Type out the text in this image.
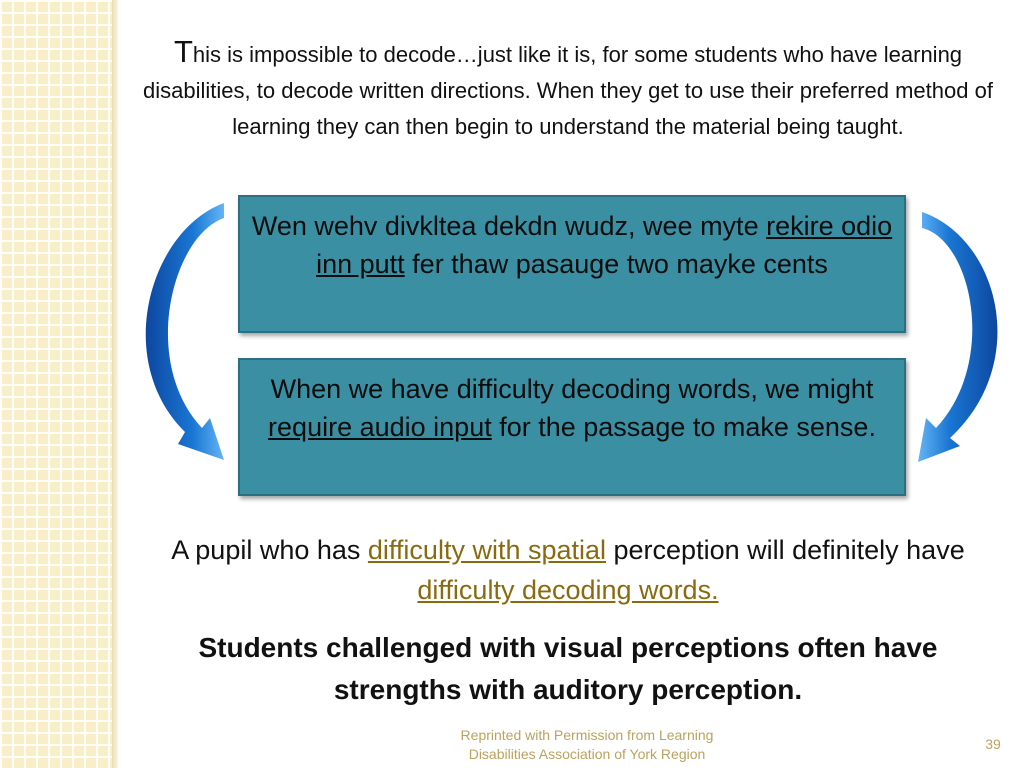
This is impossible to decode…just like it is, for some students who have learning disabilities, to decode written directions. When they get to use their preferred method of learning they can then begin to understand the material being taught.

Wen wehv divkltea dekdn wudz, wee myte rekire odio inn putt fer thaw pasauge two mayke cents
When we have difficulty decoding words, we might require audio input for the passage to make sense.

A pupil who has difficulty with spatial perception will definitely have difficulty decoding words.

Students challenged with visual perceptions often have strengths with auditory perception.

Reprinted with Permission from Learning
Disabilities Association of York Region
39
